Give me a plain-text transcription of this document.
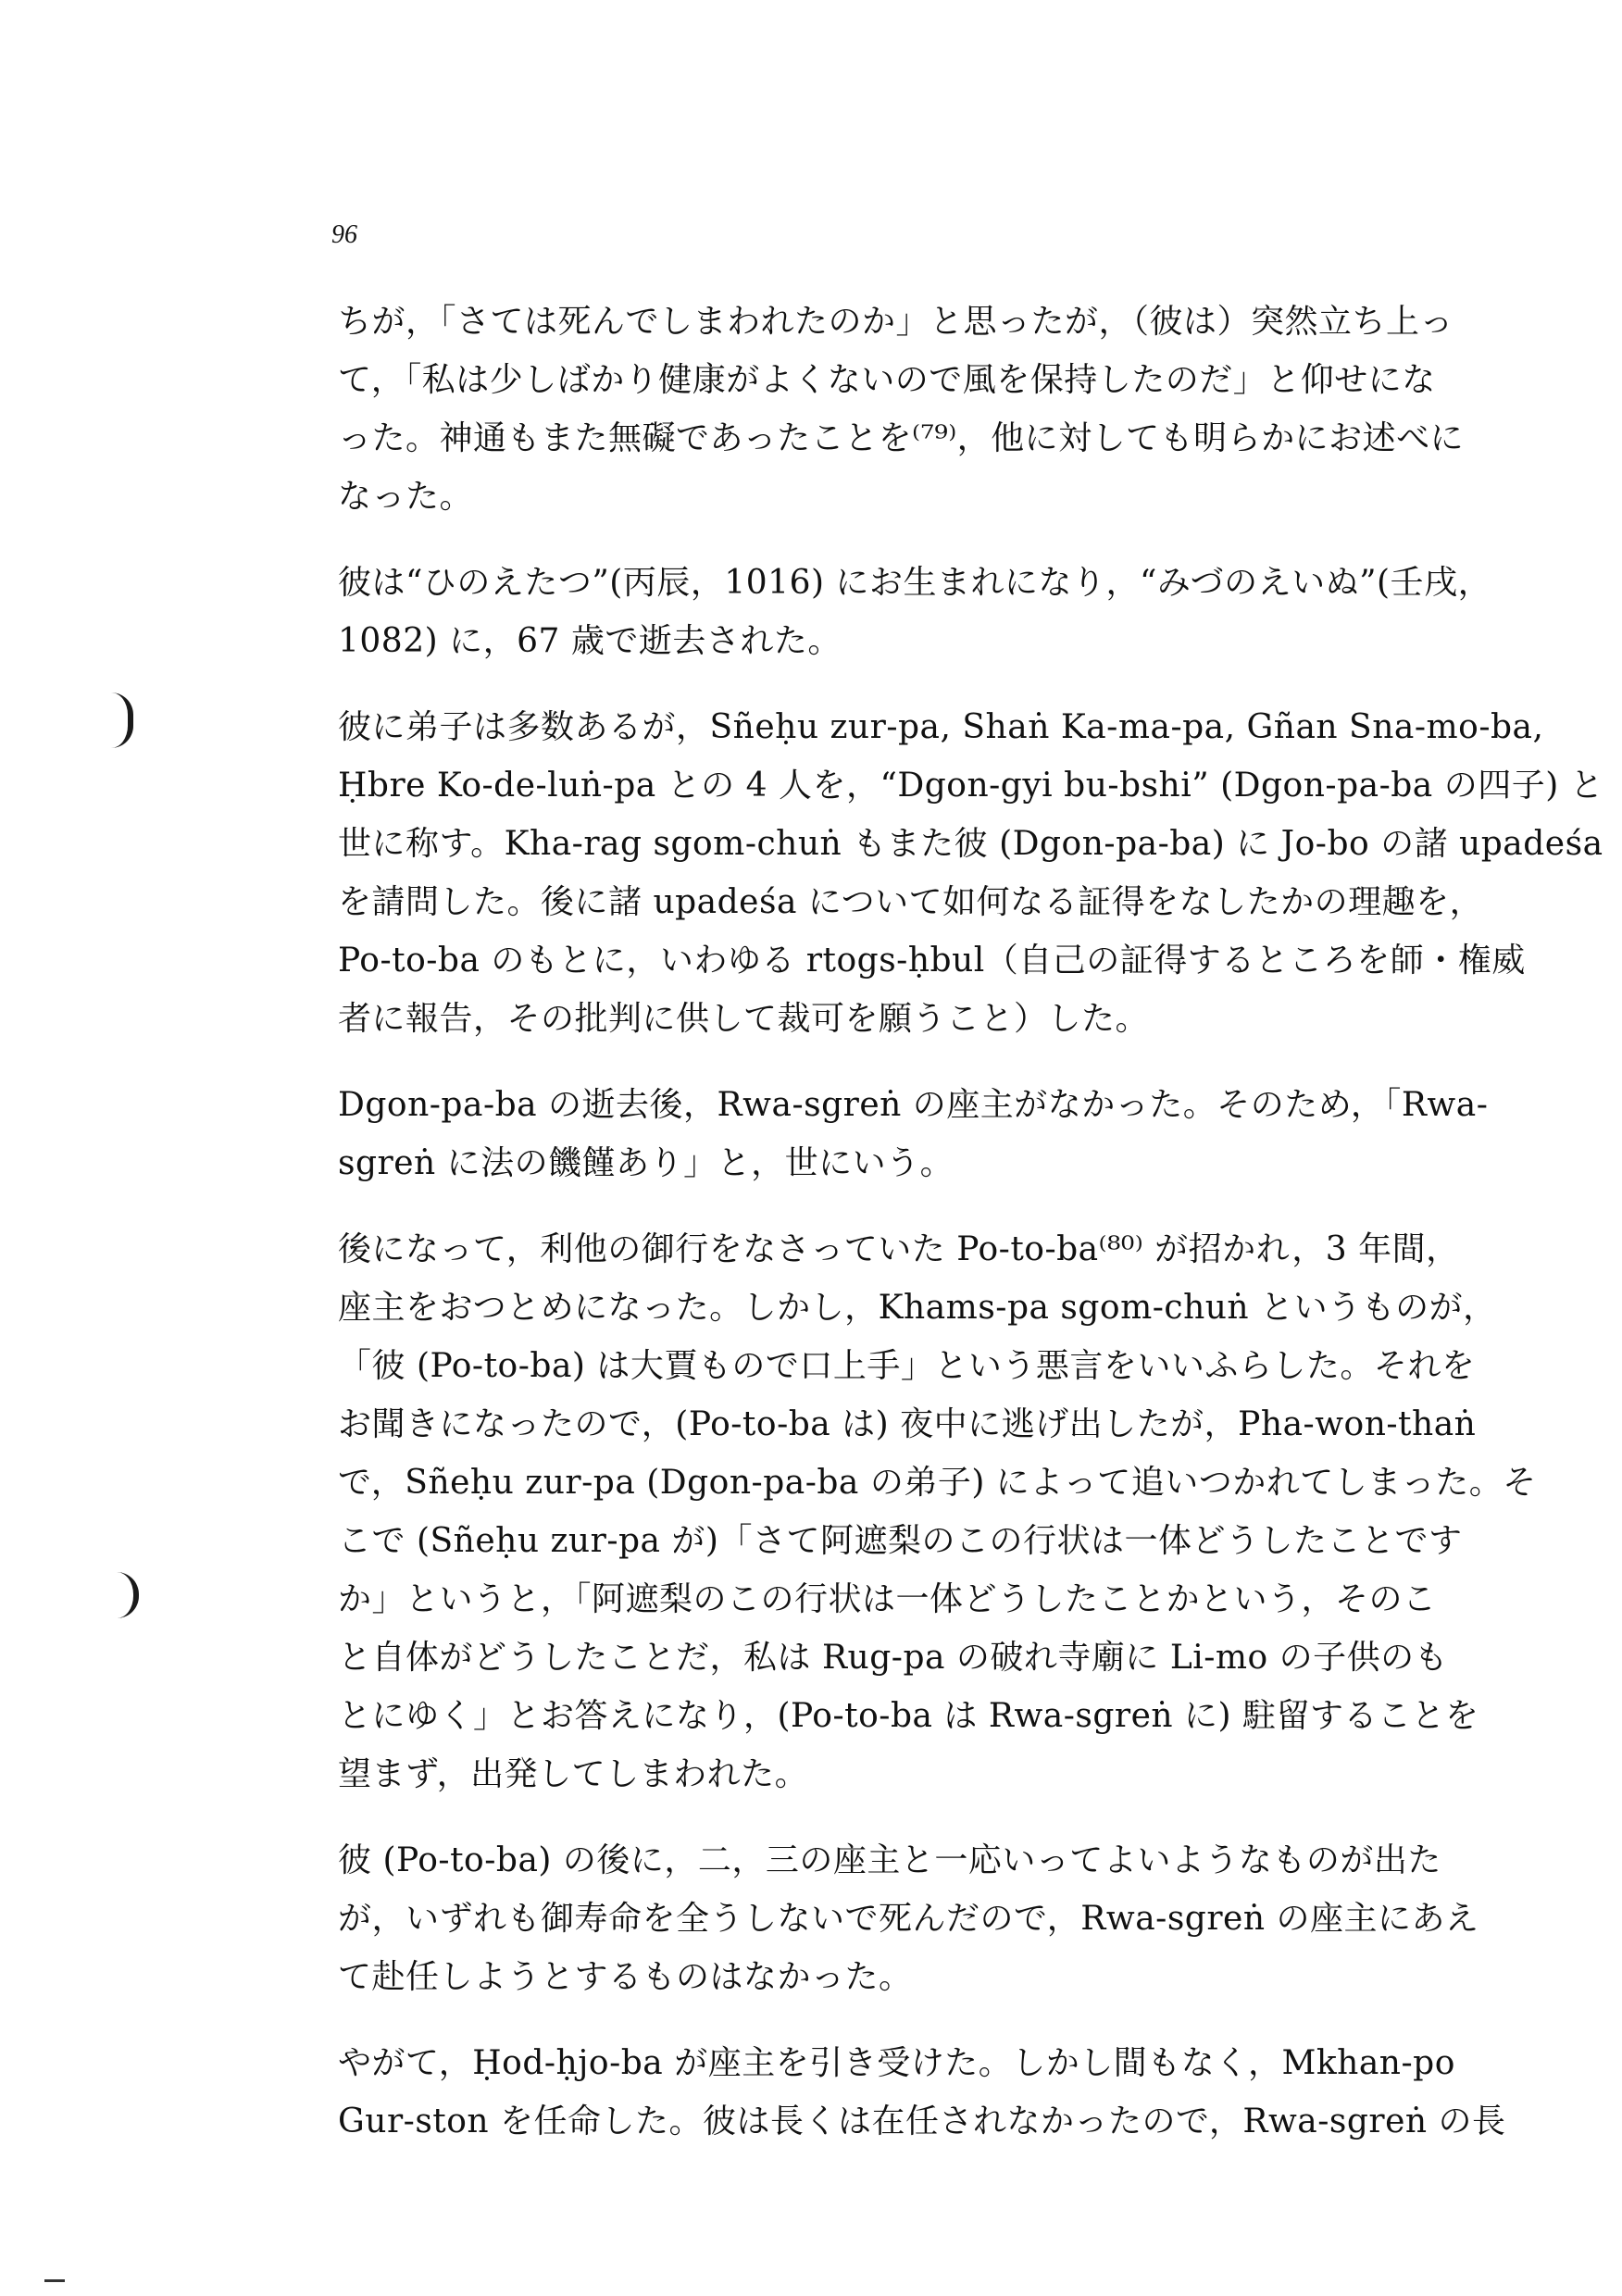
96
ちが，「さては死んでしまわれたのか」と思ったが，（彼は）突然立ち上っ
て，「私は少しばかり健康がよくないので風を保持したのだ」と仰せにな
った。神通もまた無礙であったことを⁽⁷⁹⁾，他に対しても明らかにお述べに
なった。
彼は“ひのえたつ”(丙辰，1016) にお生まれになり，“みづのえいぬ”(壬戌，
1082) に，67 歳で逝去された。
彼に弟子は多数あるが，Sñeḥu zur-pa, Shaṅ Ka-ma-pa, Gñan Sna-mo-ba,
Ḥbre Ko-de-luṅ-pa との 4 人を，“Dgon-gyi bu-bshi” (Dgon-pa-ba の四子) と
世に称す。Kha-rag sgom-chuṅ もまた彼 (Dgon-pa-ba) に Jo-bo の諸 upadeśa
を請問した。後に諸 upadeśa について如何なる証得をなしたかの理趣を，
Po-to-ba のもとに，いわゆる rtogs-ḥbul（自己の証得するところを師・権威
者に報告，その批判に供して裁可を願うこと）した。
Dgon-pa-ba の逝去後，Rwa-sgreṅ の座主がなかった。そのため，「Rwa-
sgreṅ に法の饑饉あり」と，世にいう。
後になって，利他の御行をなさっていた Po-to-ba⁽⁸⁰⁾ が招かれ，3 年間，
座主をおつとめになった。しかし，Khams-pa sgom-chuṅ というものが，
「彼 (Po-to-ba) は大賈もので口上手」という悪言をいいふらした。それを
お聞きになったので，(Po-to-ba は) 夜中に逃げ出したが，Pha-won-thaṅ
で，Sñeḥu zur-pa (Dgon-pa-ba の弟子) によって追いつかれてしまった。そ
こで (Sñeḥu zur-pa が)「さて阿遮梨のこの行状は一体どうしたことです
か」というと，「阿遮梨のこの行状は一体どうしたことかという，そのこ
と自体がどうしたことだ，私は Rug-pa の破れ寺廟に Li-mo の子供のも
とにゆく」とお答えになり，(Po-to-ba は Rwa-sgreṅ に) 駐留することを
望まず，出発してしまわれた。
彼 (Po-to-ba) の後に，二，三の座主と一応いってよいようなものが出た
が，いずれも御寿命を全うしないで死んだので，Rwa-sgreṅ の座主にあえ
て赴任しようとするものはなかった。
やがて，Ḥod-ḥjo-ba が座主を引き受けた。しかし間もなく，Mkhan-po
Gur-ston を任命した。彼は長くは在任されなかったので，Rwa-sgreṅ の長
